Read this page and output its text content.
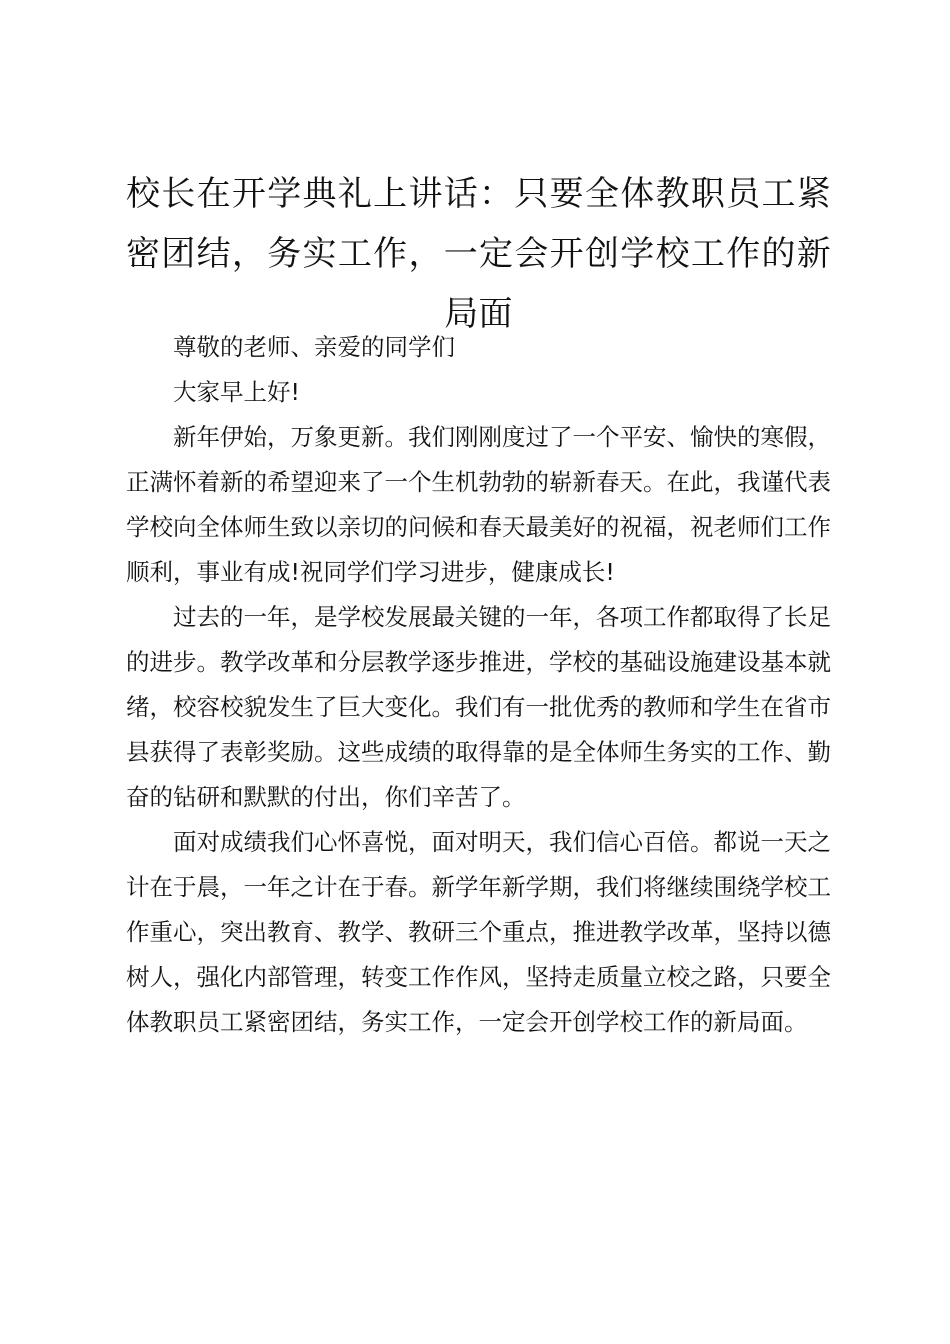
校长在开学典礼上讲话：只要全体教职员工紧密团结，务实工作，一定会开创学校工作的新局面

尊敬的老师、亲爱的同学们

大家早上好!

新年伊始，万象更新。我们刚刚度过了一个平安、愉快的寒假，正满怀着新的希望迎来了一个生机勃勃的崭新春天。在此，我谨代表学校向全体师生致以亲切的问候和春天最美好的祝福，祝老师们工作顺利，事业有成!祝同学们学习进步，健康成长!

过去的一年，是学校发展最关键的一年，各项工作都取得了长足的进步。教学改革和分层教学逐步推进，学校的基础设施建设基本就绪，校容校貌发生了巨大变化。我们有一批优秀的教师和学生在省市县获得了表彰奖励。这些成绩的取得靠的是全体师生务实的工作、勤奋的钻研和默默的付出，你们辛苦了。

面对成绩我们心怀喜悦，面对明天，我们信心百倍。都说一天之计在于晨，一年之计在于春。新学年新学期，我们将继续围绕学校工作重心，突出教育、教学、教研三个重点，推进教学改革，坚持以德树人，强化内部管理，转变工作作风，坚持走质量立校之路，只要全体教职员工紧密团结，务实工作，一定会开创学校工作的新局面。
